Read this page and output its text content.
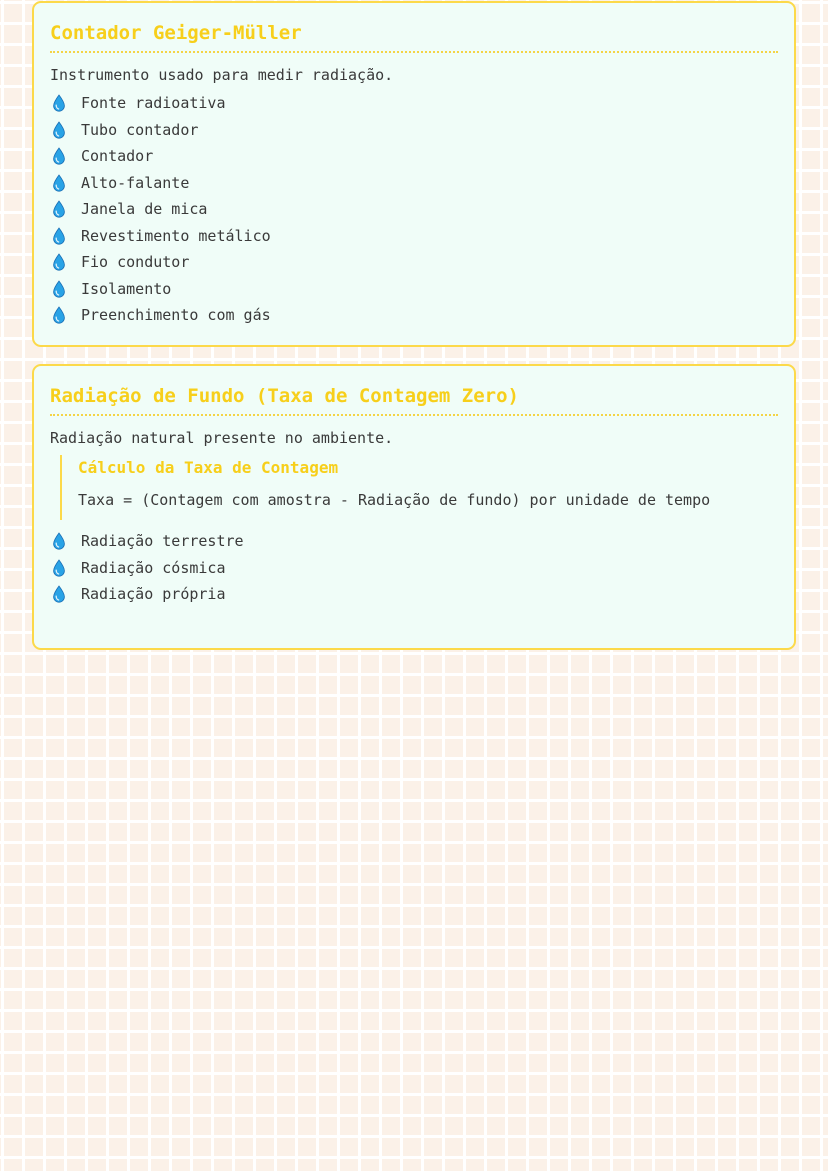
Contador Geiger-Müller

Instrumento usado para medir radiação.

Fonte radioativa
Tubo contador
Contador
Alto-falante
Janela de mica
Revestimento metálico
Fio condutor
Isolamento
Preenchimento com gás
Radiação de Fundo (Taxa de Contagem Zero)

Radiação natural presente no ambiente.

Cálculo da Taxa de Contagem

Taxa = (Contagem com amostra - Radiação de fundo) por unidade de tempo

Radiação terrestre
Radiação cósmica
Radiação própria
